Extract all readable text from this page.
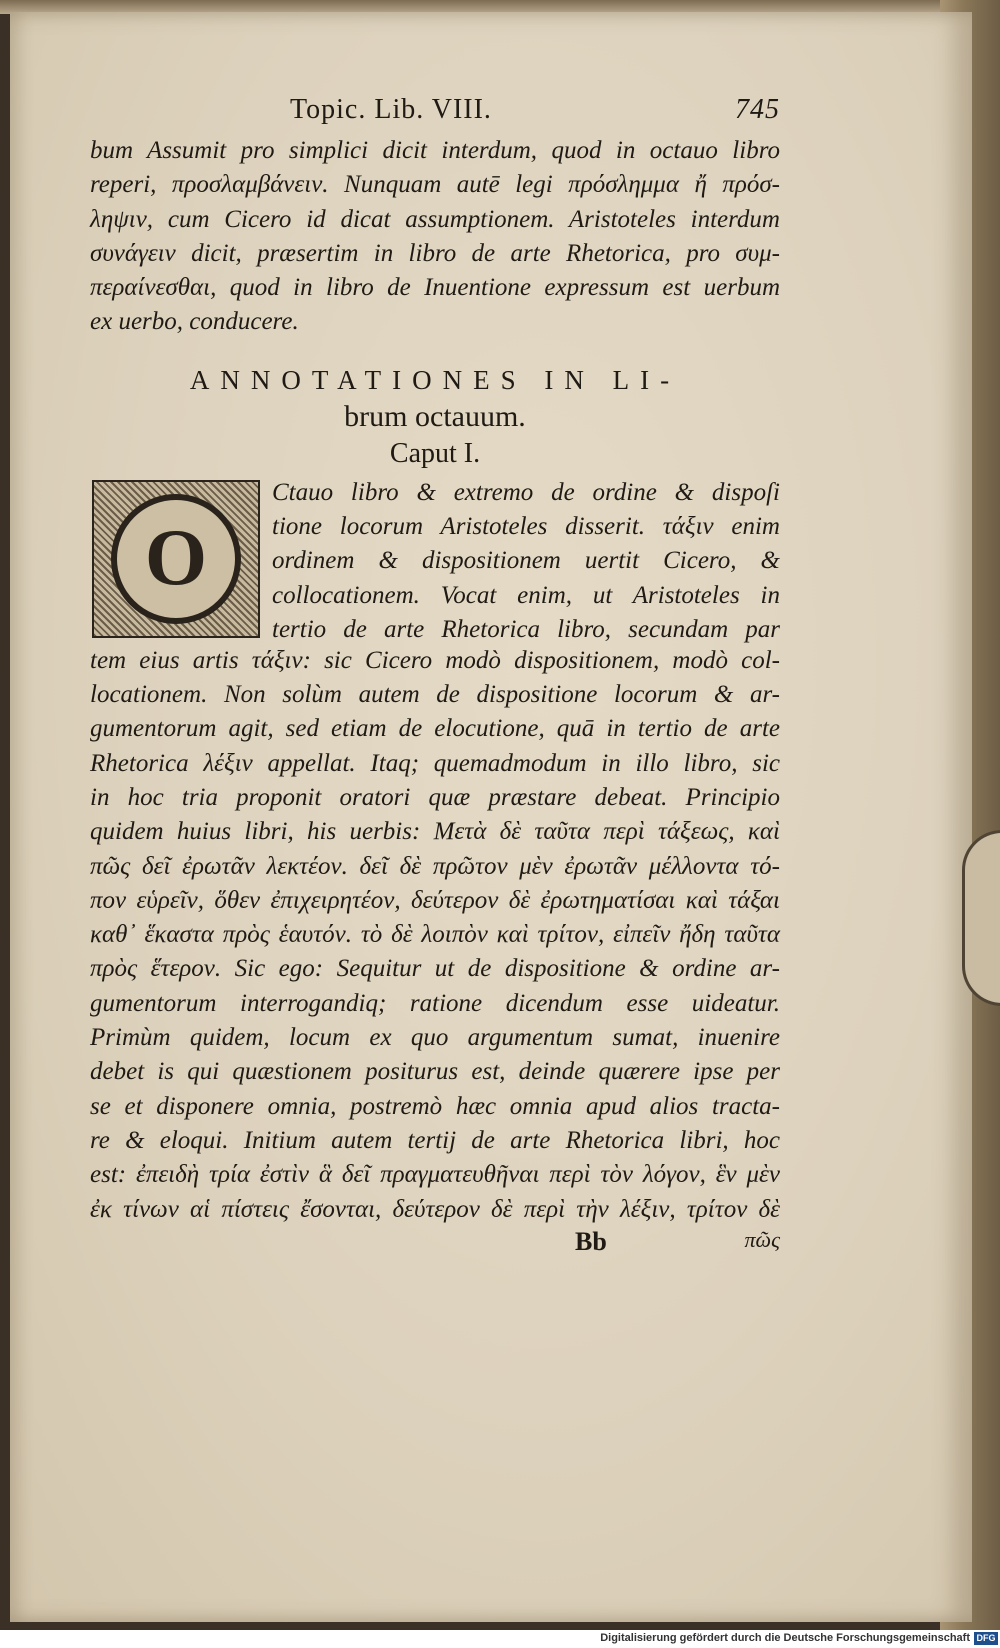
Topic. Lib. VIII.	745
bum Assumit pro simplici dicit interdum, quod in octauo libro
reperi, προσλαμβάνειν. Nunquam autē legi πρόσλημμα ἤ πρόσ-
ληψιν, cum Cicero id dicat assumptionem. Aristoteles interdum
συνάγειν dicit, præsertim in libro de arte Rhetorica, pro συμ-
περαίνεσθαι, quod in libro de Inuentione expressum est uerbum
ex uerbo, conducere.
ANNOTATIONES IN LI-
brum octauum.
Caput I.
O
Ctauo libro & extremo de ordine & dispoſi
tione locorum Aristoteles disserit. τάξιν enim
ordinem & dispositionem uertit Cicero, &
collocationem. Vocat enim, ut Aristoteles in
tertio de arte Rhetorica libro, secundam par
tem eius artis τάξιν: sic Cicero modò dispositionem, modò col-
locationem. Non solùm autem de dispositione locorum & ar-
gumentorum agit, sed etiam de elocutione, quā in tertio de arte
Rhetorica λέξιν appellat. Itaq; quemadmodum in illo libro, sic
in hoc tria proponit oratori quæ præstare debeat. Principio
quidem huius libri, his uerbis: Μετὰ δὲ ταῦτα περὶ τάξεως, καὶ
πῶς δεῖ ἐρωτᾶν λεκτέον. δεῖ δὲ πρῶτον μὲν ἐρωτᾶν μέλλοντα τό-
πον εὑρεῖν, ὅθεν ἐπιχειρητέον, δεύτερον δὲ ἐρωτηματίσαι καὶ τάξαι
καθ᾽ ἕκαστα πρὸς ἑαυτόν. τὸ δὲ λοιπὸν καὶ τρίτον, εἰπεῖν ἤδη ταῦτα
πρὸς ἕτερον. Sic ego: Sequitur ut de dispositione & ordine ar-
gumentorum interrogandiq; ratione dicendum esse uideatur.
Primùm quidem, locum ex quo argumentum sumat, inuenire
debet is qui quæstionem positurus est, deinde quærere ipse per
se et disponere omnia, postremò hæc omnia apud alios tracta-
re & eloqui. Initium autem tertij de arte Rhetorica libri, hoc
est: ἐπειδὴ τρία ἐστὶν ἃ δεῖ πραγματευθῆναι περὶ τὸν λόγον, ἓν μὲν
ἐκ τίνων αἱ πίστεις ἔσονται, δεύτερον δὲ περὶ τὴν λέξιν, τρίτον δὲ
Bb	πῶς
Digitalisierung gefördert durch die Deutsche Forschungsgemeinschaft DFG
